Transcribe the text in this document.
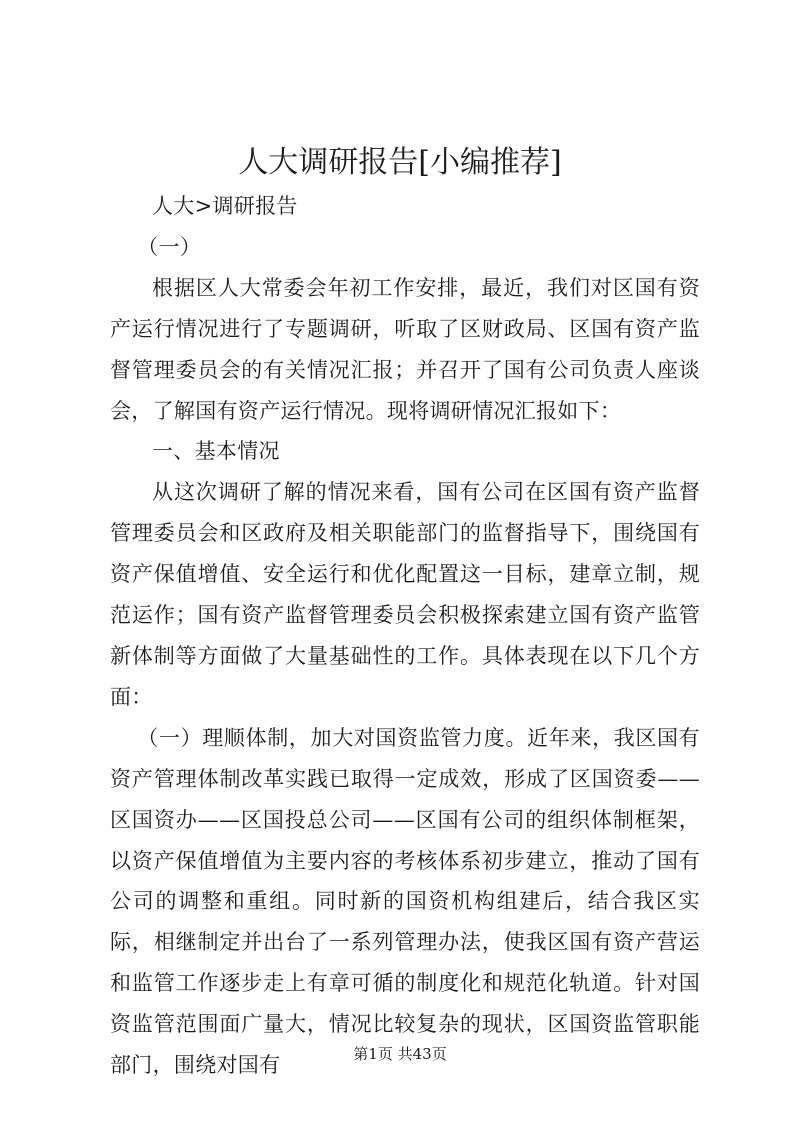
人大调研报告[小编推荐]

人大>调研报告

（一）

根据区人大常委会年初工作安排，最近，我们对区国有资产运行情况进行了专题调研，听取了区财政局、区国有资产监督管理委员会的有关情况汇报；并召开了国有公司负责人座谈会，了解国有资产运行情况。现将调研情况汇报如下：

一、基本情况

从这次调研了解的情况来看，国有公司在区国有资产监督管理委员会和区政府及相关职能部门的监督指导下，围绕国有资产保值增值、安全运行和优化配置这一目标，建章立制，规范运作；国有资产监督管理委员会积极探索建立国有资产监管新体制等方面做了大量基础性的工作。具体表现在以下几个方面：

（一）理顺体制，加大对国资监管力度。近年来，我区国有资产管理体制改革实践已取得一定成效，形成了区国资委——区国资办——区国投总公司——区国有公司的组织体制框架，以资产保值增值为主要内容的考核体系初步建立，推动了国有公司的调整和重组。同时新的国资机构组建后，结合我区实际，相继制定并出台了一系列管理办法，使我区国有资产营运和监管工作逐步走上有章可循的制度化和规范化轨道。针对国资监管范围面广量大，情况比较复杂的现状，区国资监管职能部门，围绕对国有	第1页 共43页
